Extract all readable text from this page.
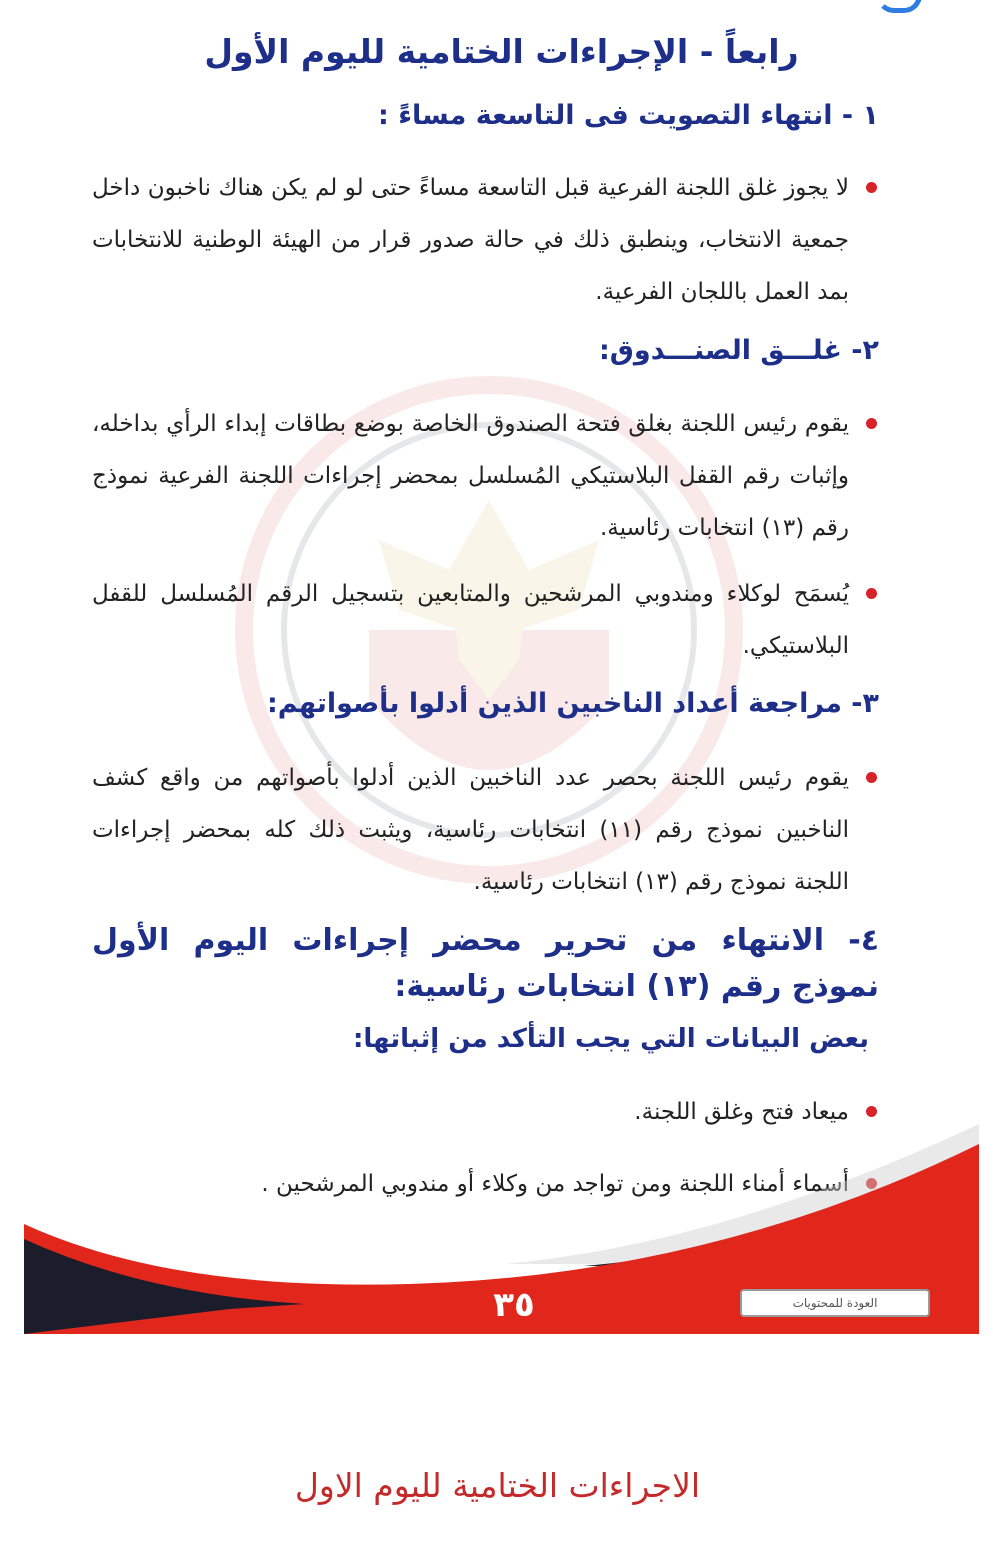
رابعاً - الإجراءات الختامية لليوم الأول
١ - انتهاء التصويت فى التاسعة مساءً :
لا يجوز غلق اللجنة الفرعية قبل التاسعة مساءً حتى لو لم يكن هناك ناخبون داخل جمعية الانتخاب، وينطبق ذلك في حالة صدور قرار من الهيئة الوطنية للانتخابات بمد العمل باللجان الفرعية.
٢- غلـــق الصنـــدوق:
يقوم رئيس اللجنة بغلق فتحة الصندوق الخاصة بوضع بطاقات إبداء الرأي بداخله، وإثبات رقم القفل البلاستيكي المُسلسل بمحضر إجراءات اللجنة الفرعية نموذج رقم (١٣) انتخابات رئاسية.
يُسمَح لوكلاء ومندوبي المرشحين والمتابعين بتسجيل الرقم المُسلسل للقفل البلاستيكي.
٣- مراجعة أعداد الناخبين الذين أدلوا بأصواتهم:
يقوم رئيس اللجنة بحصر عدد الناخبين الذين أدلوا بأصواتهم من واقع كشف الناخبين نموذج رقم (١١) انتخابات رئاسية، ويثبت ذلك كله بمحضر إجراءات اللجنة نموذج رقم (١٣) انتخابات رئاسية.
٤- الانتهاء من تحرير محضر إجراءات اليوم الأول نموذج رقم (١٣) انتخابات رئاسية:
بعض البيانات التي يجب التأكد من إثباتها:
ميعاد فتح وغلق اللجنة.
أسماء أمناء اللجنة ومن تواجد من وكلاء أو مندوبي المرشحين .
٣٥	العودة للمحتويات
الاجراءات الختامية لليوم الاول
